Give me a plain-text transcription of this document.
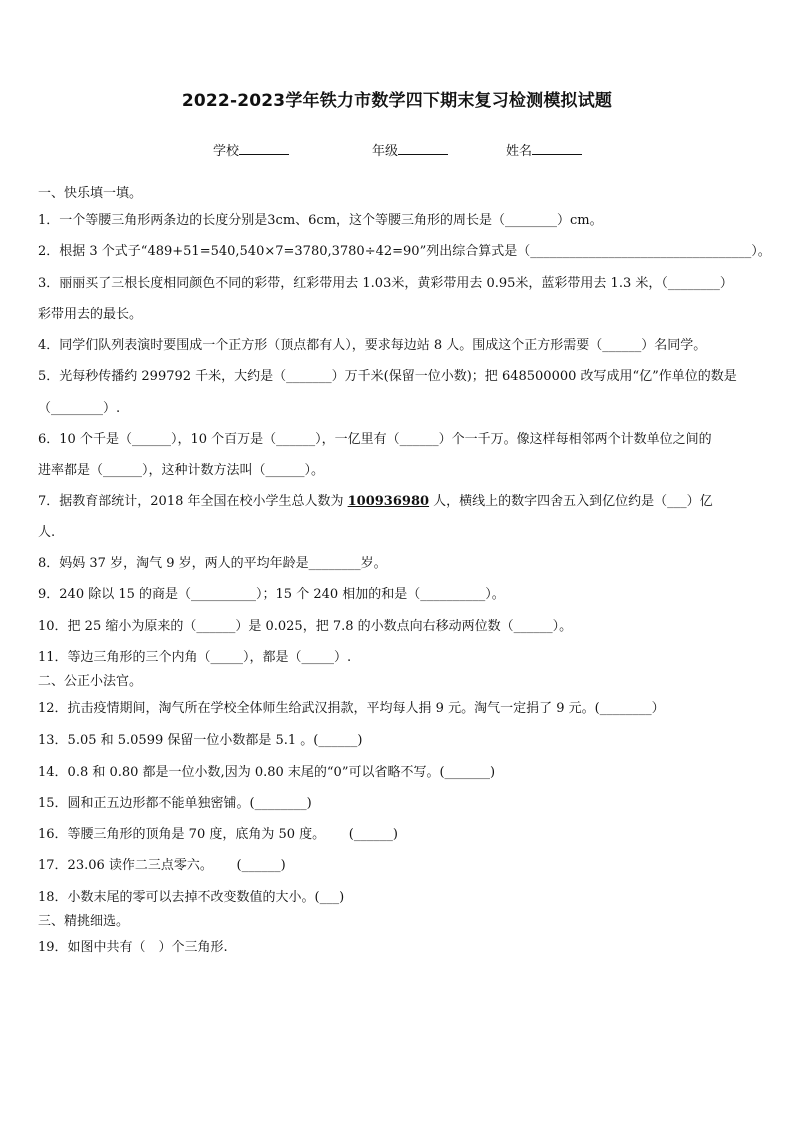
2022-2023学年铁力市数学四下期末复习检测模拟试题
学校	年级	姓名
一、快乐填一填。
1．一个等腰三角形两条边的长度分别是3cm、6cm，这个等腰三角形的周长是（________）cm。
2．根据 3 个式子“489+51=540,540×7=3780,3780÷42=90”列出综合算式是（__________________________________）。
3．丽丽买了三根长度相同颜色不同的彩带，红彩带用去 1.03米，黄彩带用去 0.95米，蓝彩带用去 1.3 米，（________）
彩带用去的最长。
4．同学们队列表演时要围成一个正方形（顶点都有人），要求每边站 8 人。围成这个正方形需要（______）名同学。
5．光每秒传播约 299792 千米，大约是（_______）万千米(保留一位小数)；把 648500000 改写成用“亿”作单位的数是
（________）.
6．10 个千是（______），10 个百万是（______），一亿里有（______）个一千万。像这样每相邻两个计数单位之间的
进率都是（______），这种计数方法叫（______）。
7．据教育部统计，2018 年全国在校小学生总人数为 100936980 人，横线上的数字四舍五入到亿位约是（___）亿
人.
8．妈妈 37 岁，淘气 9 岁，两人的平均年龄是________岁。
9．240 除以 15 的商是（__________）；15 个 240 相加的和是（__________）。
10．把 25 缩小为原来的（______）是 0.025，把 7.8 的小数点向右移动两位数（______）。
11．等边三角形的三个内角（_____），都是（_____）.
二、公正小法官。
12．抗击疫情期间，淘气所在学校全体师生给武汉捐款，平均每人捐 9 元。淘气一定捐了 9 元。(________）
13．5.05 和 5.0599 保留一位小数都是 5.1 。(______)
14．0.8 和 0.80 都是一位小数,因为 0.80 末尾的“0”可以省略不写。(_______)
15．圆和正五边形都不能单独密铺。(________)
16．等腰三角形的顶角是 70 度，底角为 50 度。　　 (______)
17．23.06 读作二三点零六。　　 (______)
18．小数末尾的零可以去掉不改变数值的大小。(___)
三、精挑细选。
19．如图中共有（　）个三角形.
